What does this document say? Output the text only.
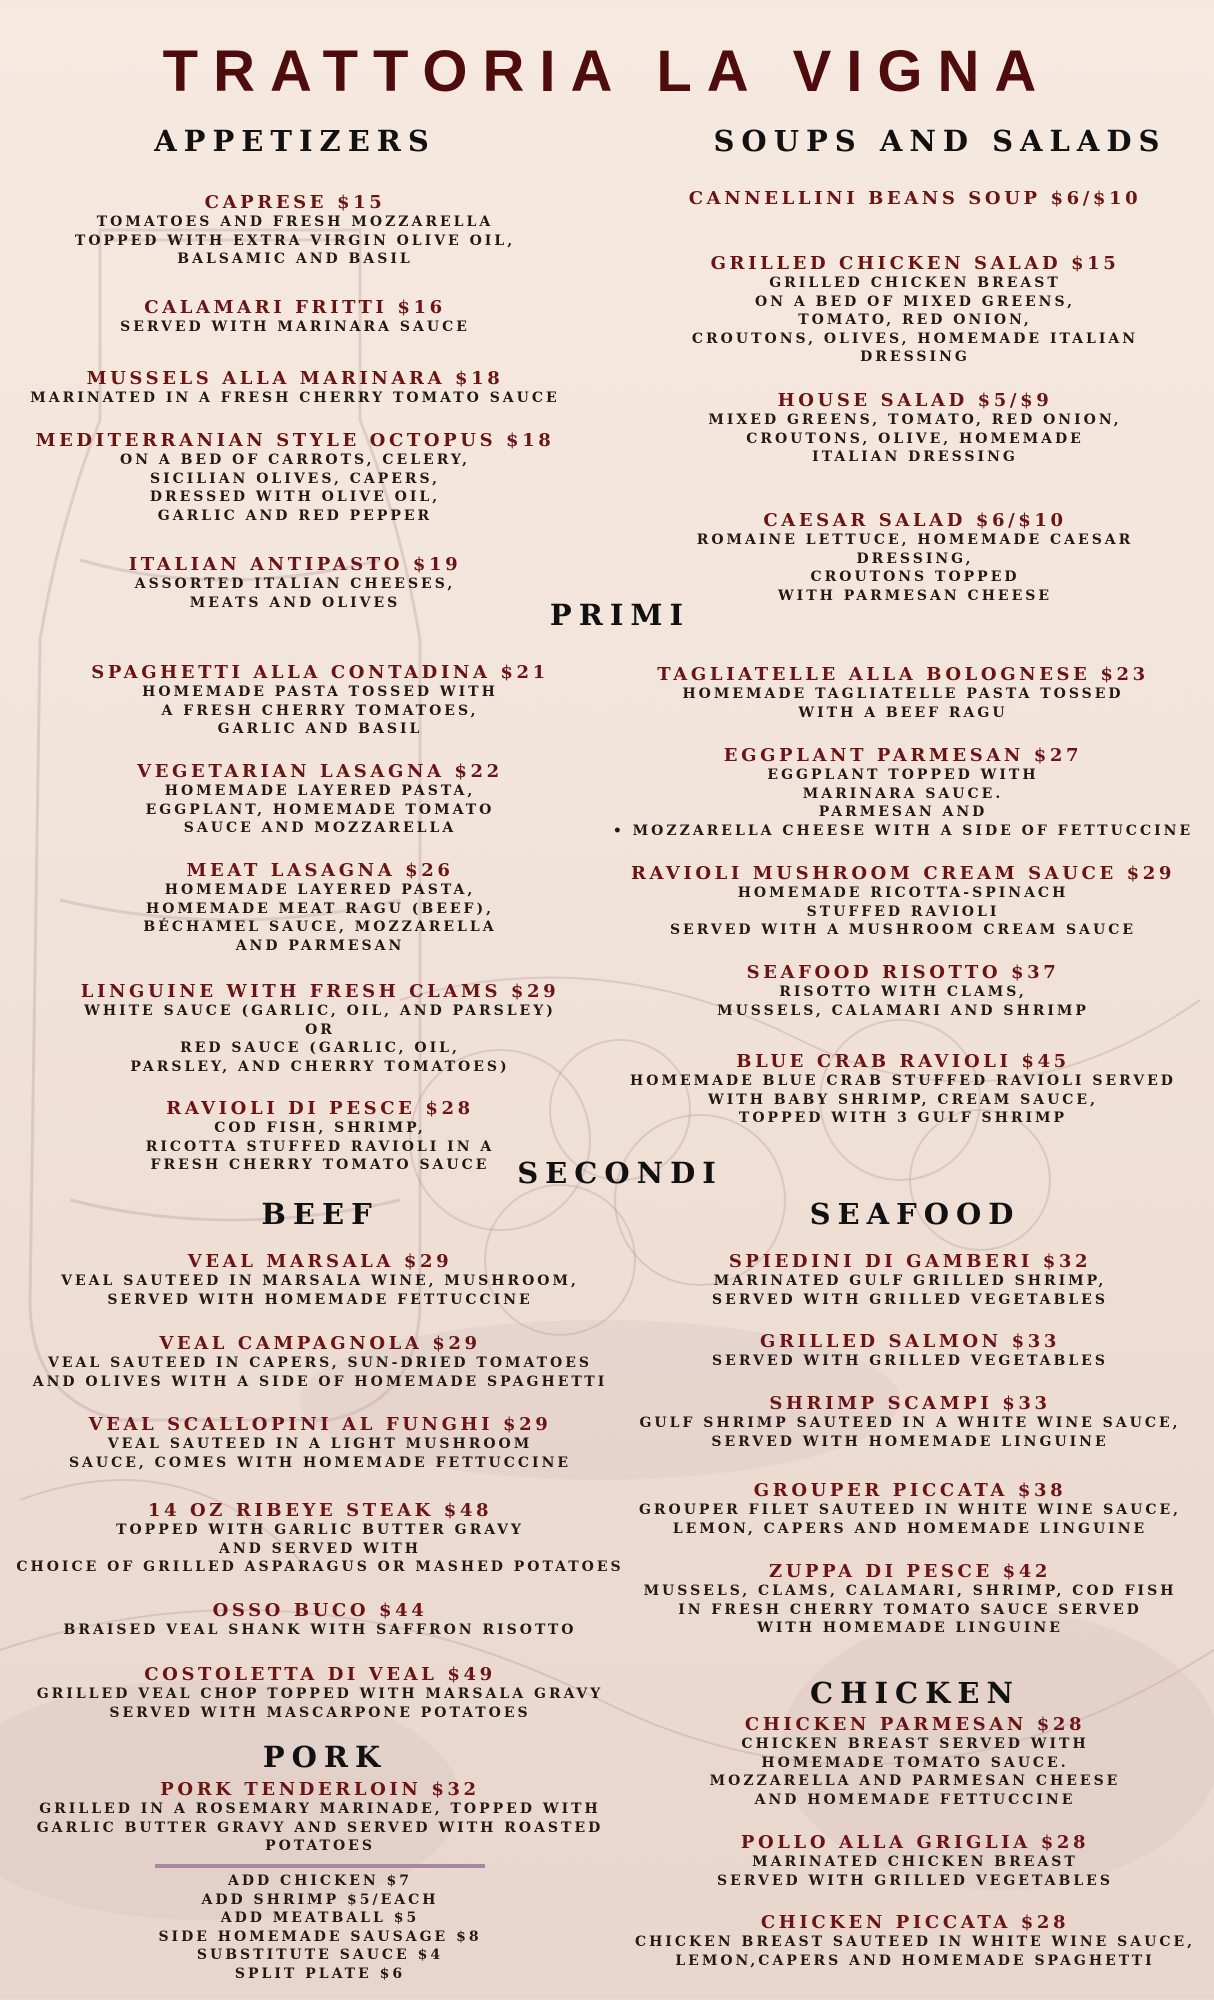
TRATTORIA LA VIGNA
APPETIZERS	SOUPS AND SALADS
PRIMI
SECONDI
BEEF	SEAFOOD
PORK
CHICKEN
CAPRESE $15
TOMATOES AND FRESH MOZZARELLA
TOPPED WITH EXTRA VIRGIN OLIVE OIL,
BALSAMIC AND BASIL
CALAMARI FRITTI $16
SERVED WITH MARINARA SAUCE
MUSSELS ALLA MARINARA $18
MARINATED IN A FRESH CHERRY TOMATO SAUCE
MEDITERRANIAN STYLE OCTOPUS $18
ON A BED OF CARROTS, CELERY,
SICILIAN OLIVES, CAPERS,
DRESSED WITH OLIVE OIL,
GARLIC AND RED PEPPER
ITALIAN ANTIPASTO $19
ASSORTED ITALIAN CHEESES,
MEATS AND OLIVES
CANNELLINI BEANS SOUP $6/$10
GRILLED CHICKEN SALAD $15
GRILLED CHICKEN BREAST
ON A BED OF MIXED GREENS,
TOMATO, RED ONION,
CROUTONS, OLIVES, HOMEMADE ITALIAN
DRESSING
HOUSE SALAD $5/$9
MIXED GREENS, TOMATO, RED ONION,
CROUTONS, OLIVE, HOMEMADE
ITALIAN DRESSING
CAESAR SALAD $6/$10
ROMAINE LETTUCE, HOMEMADE CAESAR
DRESSING,
CROUTONS TOPPED
WITH PARMESAN CHEESE
SPAGHETTI ALLA CONTADINA $21
HOMEMADE PASTA TOSSED WITH
A FRESH CHERRY TOMATOES,
GARLIC AND BASIL
VEGETARIAN LASAGNA $22
HOMEMADE LAYERED PASTA,
EGGPLANT, HOMEMADE TOMATO
SAUCE AND MOZZARELLA
MEAT LASAGNA $26
HOMEMADE LAYERED PASTA,
HOMEMADE MEAT RAGU (BEEF),
BÉCHAMEL SAUCE, MOZZARELLA
AND PARMESAN
LINGUINE WITH FRESH CLAMS $29
WHITE SAUCE (GARLIC, OIL, AND PARSLEY)
OR
RED SAUCE (GARLIC, OIL,
PARSLEY, AND CHERRY TOMATOES)
RAVIOLI DI PESCE $28
COD FISH, SHRIMP,
RICOTTA STUFFED RAVIOLI IN A
FRESH CHERRY TOMATO SAUCE
TAGLIATELLE ALLA BOLOGNESE $23
HOMEMADE TAGLIATELLE PASTA TOSSED
WITH A BEEF RAGU
EGGPLANT PARMESAN $27
EGGPLANT TOPPED WITH
MARINARA SAUCE.
PARMESAN AND
• MOZZARELLA CHEESE WITH A SIDE OF FETTUCCINE
RAVIOLI MUSHROOM CREAM SAUCE $29
HOMEMADE RICOTTA-SPINACH
STUFFED RAVIOLI
SERVED WITH A MUSHROOM CREAM SAUCE
SEAFOOD RISOTTO $37
RISOTTO WITH CLAMS,
MUSSELS, CALAMARI AND SHRIMP
BLUE CRAB RAVIOLI $45
HOMEMADE BLUE CRAB STUFFED RAVIOLI SERVED
WITH BABY SHRIMP, CREAM SAUCE,
TOPPED WITH 3 GULF SHRIMP
VEAL MARSALA $29
VEAL SAUTEED IN MARSALA WINE, MUSHROOM,
SERVED WITH HOMEMADE FETTUCCINE
VEAL CAMPAGNOLA $29
VEAL SAUTEED IN CAPERS, SUN-DRIED TOMATOES
AND OLIVES WITH A SIDE OF HOMEMADE SPAGHETTI
VEAL SCALLOPINI AL FUNGHI $29
VEAL SAUTEED IN A LIGHT MUSHROOM
SAUCE, COMES WITH HOMEMADE FETTUCCINE
14 OZ RIBEYE STEAK $48
TOPPED WITH GARLIC BUTTER GRAVY
AND SERVED WITH
CHOICE OF GRILLED ASPARAGUS OR MASHED POTATOES
OSSO BUCO $44
BRAISED VEAL SHANK WITH SAFFRON RISOTTO
COSTOLETTA DI VEAL $49
GRILLED VEAL CHOP TOPPED WITH MARSALA GRAVY
SERVED WITH MASCARPONE POTATOES
PORK TENDERLOIN $32
GRILLED IN A ROSEMARY MARINADE, TOPPED WITH
GARLIC BUTTER GRAVY AND SERVED WITH ROASTED
POTATOES
ADD CHICKEN $7
ADD SHRIMP $5/EACH
ADD MEATBALL $5
SIDE HOMEMADE SAUSAGE $8
SUBSTITUTE SAUCE $4
SPLIT PLATE $6
SPIEDINI DI GAMBERI $32
MARINATED GULF GRILLED SHRIMP,
SERVED WITH GRILLED VEGETABLES
GRILLED SALMON $33
SERVED WITH GRILLED VEGETABLES
SHRIMP SCAMPI $33
GULF SHRIMP SAUTEED IN A WHITE WINE SAUCE,
SERVED WITH HOMEMADE LINGUINE
GROUPER PICCATA $38
GROUPER FILET SAUTEED IN WHITE WINE SAUCE,
LEMON, CAPERS AND HOMEMADE LINGUINE
ZUPPA DI PESCE $42
MUSSELS, CLAMS, CALAMARI, SHRIMP, COD FISH
IN FRESH CHERRY TOMATO SAUCE SERVED
WITH HOMEMADE LINGUINE
CHICKEN PARMESAN $28
CHICKEN BREAST SERVED WITH
HOMEMADE TOMATO SAUCE.
MOZZARELLA AND PARMESAN CHEESE
AND HOMEMADE FETTUCCINE
POLLO ALLA GRIGLIA $28
MARINATED CHICKEN BREAST
SERVED WITH GRILLED VEGETABLES
CHICKEN PICCATA $28
CHICKEN BREAST SAUTEED IN WHITE WINE SAUCE,
LEMON,CAPERS AND HOMEMADE SPAGHETTI
